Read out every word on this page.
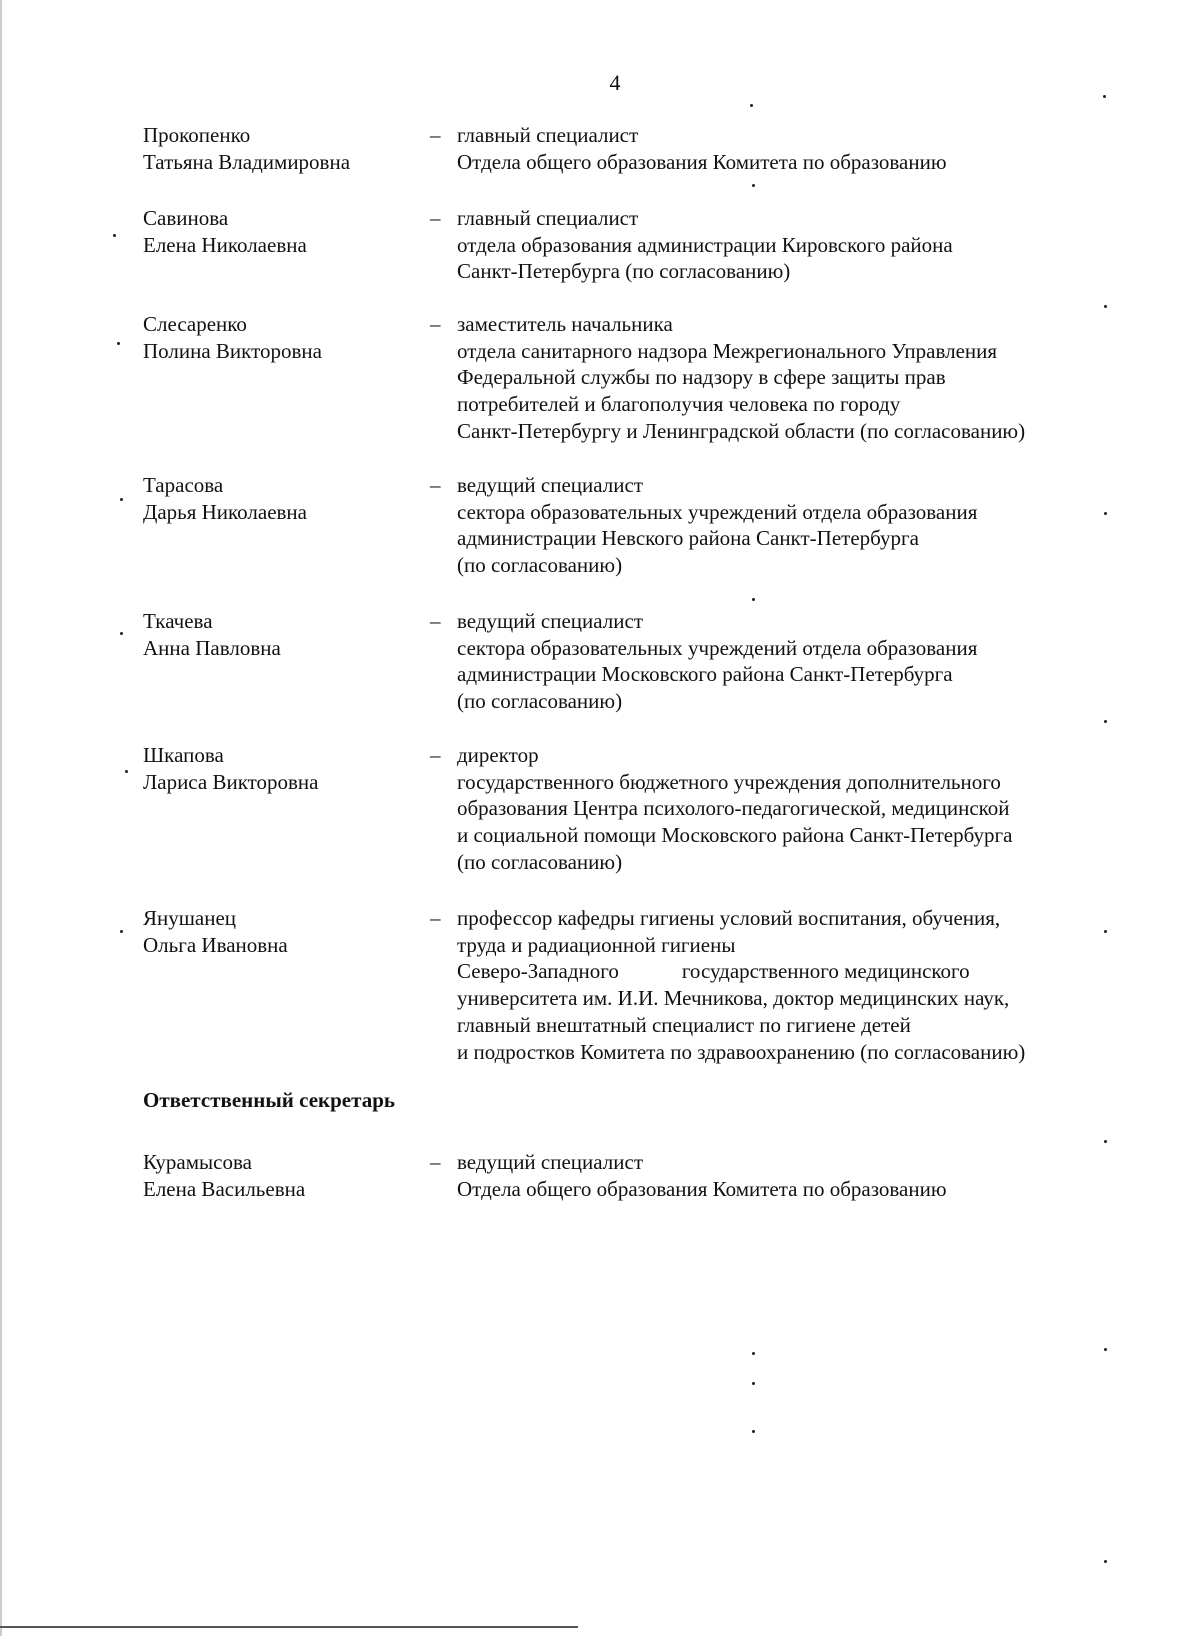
4
Прокопенко
Татьяна Владимировна
– главный специалист
Отдела общего образования Комитета по образованию
Савинова
Елена Николаевна
– главный специалист
отдела образования администрации Кировского района
Санкт-Петербурга (по согласованию)
Слесаренко
Полина Викторовна
– заместитель начальника
отдела санитарного надзора Межрегионального Управления
Федеральной службы по надзору в сфере защиты прав
потребителей и благополучия человека по городу
Санкт-Петербургу и Ленинградской области (по согласованию)
Тарасова
Дарья Николаевна
– ведущий специалист
сектора образовательных учреждений отдела образования
администрации Невского района Санкт-Петербурга
(по согласованию)
Ткачева
Анна Павловна
– ведущий специалист
сектора образовательных учреждений отдела образования
администрации Московского района Санкт-Петербурга
(по согласованию)
Шкапова
Лариса Викторовна
– директор
государственного бюджетного учреждения дополнительного
образования Центра психолого-педагогической, медицинской
и социальной помощи Московского района Санкт-Петербурга
(по согласованию)
Янушанец
Ольга Ивановна
– профессор кафедры гигиены условий воспитания, обучения,
труда и радиационной гигиены
Северо-Западного            государственного медицинского
университета им. И.И. Мечникова, доктор медицинских наук,
главный внештатный специалист по гигиене детей
и подростков Комитета по здравоохранению (по согласованию)
Ответственный секретарь
Курамысова
Елена Васильевна
– ведущий специалист
Отдела общего образования Комитета по образованию
